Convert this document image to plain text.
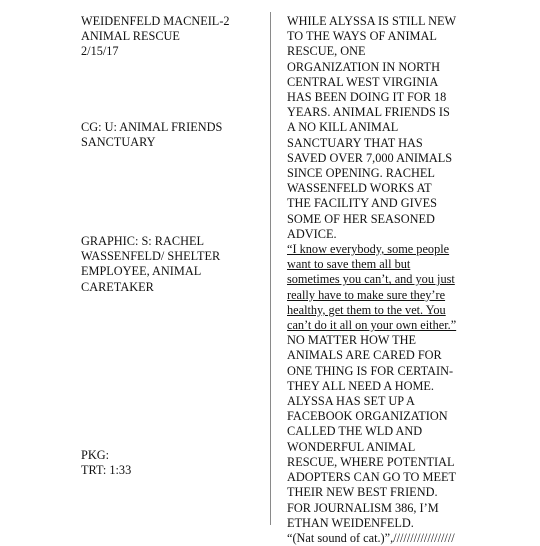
WEIDENFELD MACNEIL-2
ANIMAL RESCUE
2/15/17
CG: U: ANIMAL FRIENDS
SANCTUARY
GRAPHIC: S: RACHEL
WASSENFELD/ SHELTER
EMPLOYEE, ANIMAL
CARETAKER
PKG:
TRT: 1:33
WHILE ALYSSA IS STILL NEW
TO THE WAYS OF ANIMAL
RESCUE, ONE
ORGANIZATION IN NORTH
CENTRAL WEST VIRGINIA
HAS BEEN DOING IT FOR 18
YEARS. ANIMAL FRIENDS IS
A NO KILL ANIMAL
SANCTUARY THAT HAS
SAVED OVER 7,000 ANIMALS
SINCE OPENING. RACHEL
WASSENFELD WORKS AT
THE FACILITY AND GIVES
SOME OF HER SEASONED
ADVICE.
“I know everybody, some people
want to save them all but
sometimes you can’t, and you just
really have to make sure they’re
healthy, get them to the vet. You
can’t do it all on your own either.”
NO MATTER HOW THE
ANIMALS ARE CARED FOR
ONE THING IS FOR CERTAIN-
THEY ALL NEED A HOME.
ALYSSA HAS SET UP A
FACEBOOK ORGANIZATION
CALLED THE WLD AND
WONDERFUL ANIMAL
RESCUE, WHERE POTENTIAL
ADOPTERS CAN GO TO MEET
THEIR NEW BEST FRIEND.
FOR JOURNALISM 386, I’M
ETHAN WEIDENFELD.
“(Nat sound of cat.)”,//////////////////
